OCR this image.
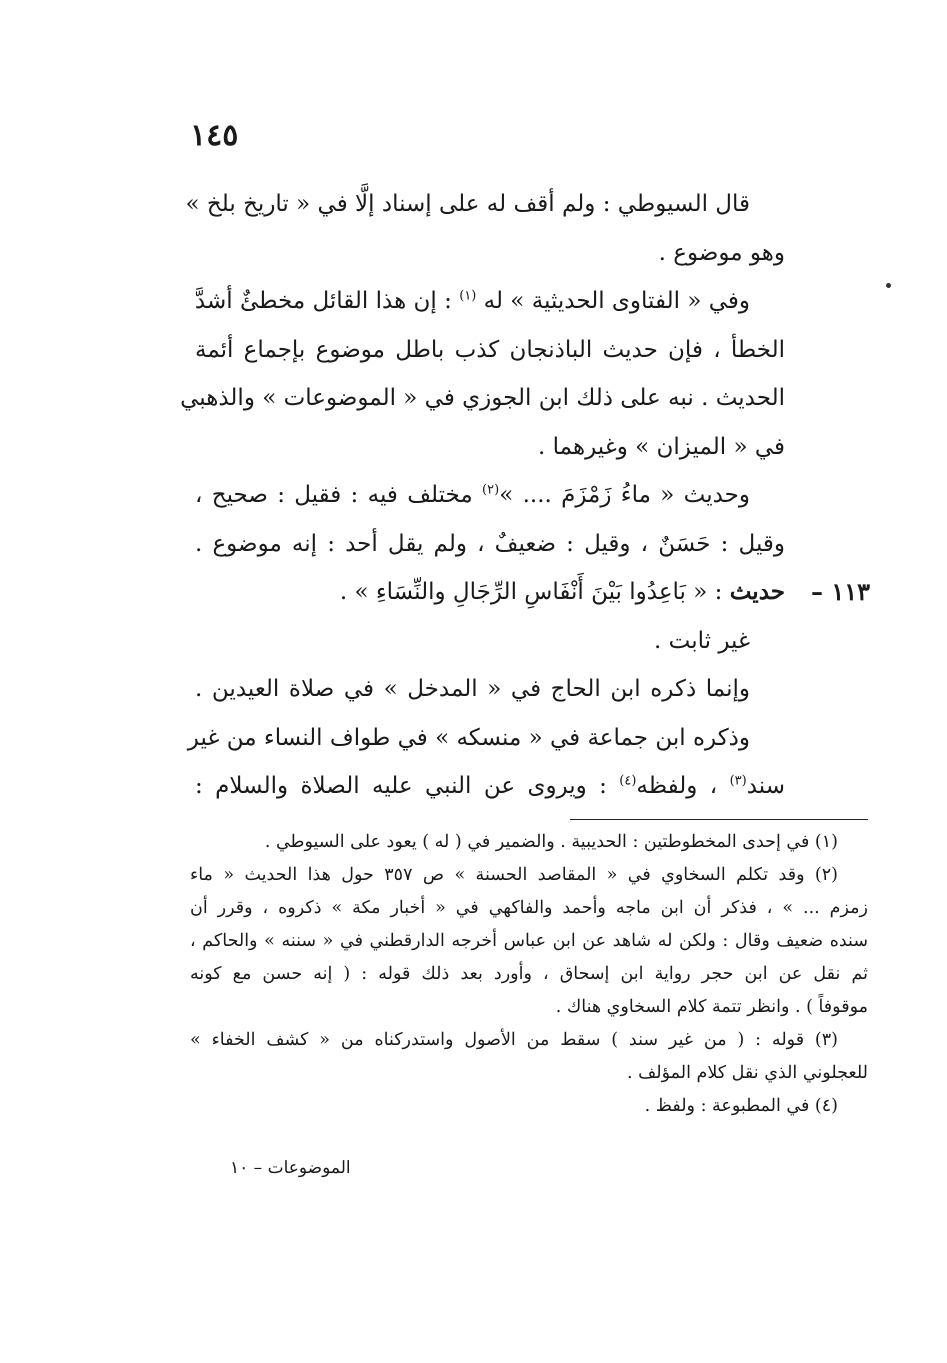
١٤٥
قال السيوطي : ولم أقف له على إسناد إلَّا في « تاريخ بلخ »
وهو موضوع .
وفي « الفتاوى الحديثية » له $^{(١)}$ : إن هذا القائل مخطئٌ أشدَّ
الخطأ ، فإن حديث الباذنجان كذب باطل موضوع بإجماع أئمة
الحديث . نبه على ذلك ابن الجوزي في « الموضوعات » والذهبي
في « الميزان » وغيرهما .
وحديث « ماءُ زَمْزَمَ .... »$^{(٢)}$ مختلف فيه : فقيل : صحيح ،
وقيل : حَسَنٌ ، وقيل : ضعيفٌ ، ولم يقل أحد : إنه موضوع .
١١٣ –
حديث : « بَاعِدُوا بَيْنَ أَنْفَاسِ الرِّجَالِ والنِّسَاءِ » .
غير ثابت .
وإنما ذكره ابن الحاج في « المدخل » في صلاة العيدين .
وذكره ابن جماعة في « منسكه » في طواف النساء من غير
سند$^{(٣)}$ ، ولفظه$^{(٤)}$ : ويروى عن النبي عليه الصلاة والسلام :
(١) في إحدى المخطوطتين : الحديبية . والضمير في ( له ) يعود على السيوطي .
(٢) وقد تكلم السخاوي في « المقاصد الحسنة » ص ٣٥٧ حول هذا الحديث « ماء
زمزم ... » ، فذكر أن ابن ماجه وأحمد والفاكهي في « أخبار مكة » ذكروه ، وقرر أن
سنده ضعيف وقال : ولكن له شاهد عن ابن عباس أخرجه الدارقطني في « سننه » والحاكم ،
ثم نقل عن ابن حجر رواية ابن إسحاق ، وأورد بعد ذلك قوله : ( إنه حسن مع كونه
موقوفاً ) . وانظر تتمة كلام السخاوي هناك .
(٣) قوله : ( من غير سند ) سقط من الأصول واستدركناه من « كشف الخفاء »
للعجلوني الذي نقل كلام المؤلف .
(٤) في المطبوعة : ولفظ .
الموضوعات – ١٠
